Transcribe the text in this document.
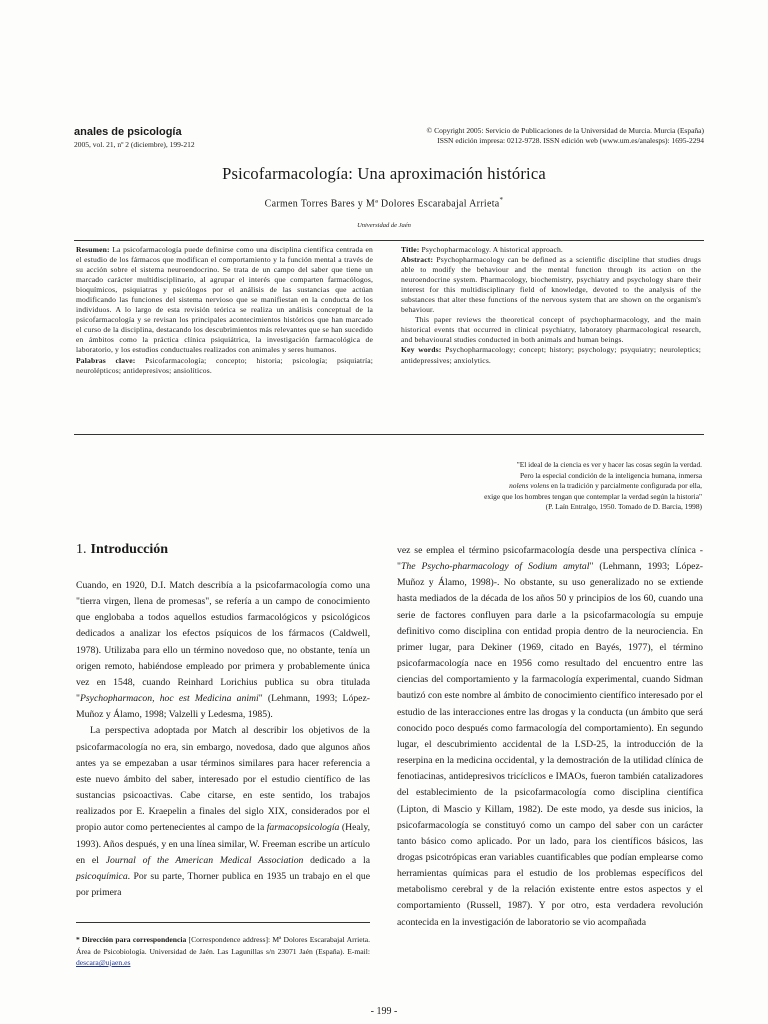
anales de psicología
2005, vol. 21, nº 2 (diciembre), 199-212
© Copyright 2005: Servicio de Publicaciones de la Universidad de Murcia. Murcia (España)
ISSN edición impresa: 0212-9728. ISSN edición web (www.um.es/analesps): 1695-2294
Psicofarmacología: Una aproximación histórica
Carmen Torres Bares y Mª Dolores Escarabajal Arrieta*
Universidad de Jaén
Resumen: La psicofarmacología puede definirse como una disciplina científica centrada en el estudio de los fármacos que modifican el comportamiento y la función mental a través de su acción sobre el sistema neuroendocrino. Se trata de un campo del saber que tiene un marcado carácter multidisciplinario, al agrupar el interés que comparten farmacólogos, bioquímicos, psiquiatras y psicólogos por el análisis de las sustancias que actúan modificando las funciones del sistema nervioso que se manifiestan en la conducta de los individuos. A lo largo de esta revisión teórica se realiza un análisis conceptual de la psicofarmacología y se revisan los principales acontecimientos históricos que han marcado el curso de la disciplina, destacando los descubrimientos más relevantes que se han sucedido en ámbitos como la práctica clínica psiquiátrica, la investigación farmacológica de laboratorio, y los estudios conductuales realizados con animales y seres humanos.
Palabras clave: Psicofarmacología; concepto; historia; psicología; psiquiatría; neurolépticos; antidepresivos; ansiolíticos.
Title: Psychopharmacology. A historical approach.
Abstract: Psychopharmacology can be defined as a scientific discipline that studies drugs able to modify the behaviour and the mental function through its action on the neuroendocrine system. Pharmacology, biochemistry, psychiatry and psychology share their interest for this multidisciplinary field of knowledge, devoted to the analysis of the substances that alter these functions of the nervous system that are shown on the organism's behaviour.
This paper reviews the theoretical concept of psychopharmacology, and the main historical events that occurred in clinical psychiatry, laboratory pharmacological research, and behavioural studies conducted in both animals and human beings.
Key words: Psychopharmacology; concept; history; psychology; psyquiatry; neuroleptics; antidepressives; anxiolytics.
"El ideal de la ciencia es ver y hacer las cosas según la verdad.
Pero la especial condición de la inteligencia humana, inmersa
nolens volens en la tradición y parcialmente configurada por ella,
exige que los hombres tengan que contemplar la verdad según la historia"
(P. Laín Entralgo, 1950. Tomado de D. Barcia, 1998)
1. Introducción

Cuando, en 1920, D.I. Match describía a la psicofarmacología como una "tierra virgen, llena de promesas", se refería a un campo de conocimiento que englobaba a todos aquellos estudios farmacológicos y psicológicos dedicados a analizar los efectos psíquicos de los fármacos (Caldwell, 1978). Utilizaba para ello un término novedoso que, no obstante, tenía un origen remoto, habiéndose empleado por primera y probablemente única vez en 1548, cuando Reinhard Lorichius publica su obra titulada "Psychopharmacon, hoc est Medicina animi" (Lehmann, 1993; López-Muñoz y Álamo, 1998; Valzelli y Ledesma, 1985).

La perspectiva adoptada por Match al describir los objetivos de la psicofarmacología no era, sin embargo, novedosa, dado que algunos años antes ya se empezaban a usar términos similares para hacer referencia a este nuevo ámbito del saber, interesado por el estudio científico de las sustancias psicoactivas. Cabe citarse, en este sentido, los trabajos realizados por E. Kraepelin a finales del siglo XIX, considerados por el propio autor como pertenecientes al campo de la farmacopsicología (Healy, 1993). Años después, y en una línea similar, W. Freeman escribe un artículo en el Journal of the American Medical Association dedicado a la psicoquímica. Por su parte, Thorner publica en 1935 un trabajo en el que por primera

vez se emplea el término psicofarmacología desde una perspectiva clínica -"The Psycho-pharmacology of Sodium amytal" (Lehmann, 1993; López-Muñoz y Álamo, 1998)-. No obstante, su uso generalizado no se extiende hasta mediados de la década de los años 50 y principios de los 60, cuando una serie de factores confluyen para darle a la psicofarmacología su empuje definitivo como disciplina con entidad propia dentro de la neurociencia. En primer lugar, para Dekiner (1969, citado en Bayés, 1977), el término psicofarmacología nace en 1956 como resultado del encuentro entre las ciencias del comportamiento y la farmacología experimental, cuando Sidman bautizó con este nombre al ámbito de conocimiento científico interesado por el estudio de las interacciones entre las drogas y la conducta (un ámbito que será conocido poco después como farmacología del comportamiento). En segundo lugar, el descubrimiento accidental de la LSD-25, la introducción de la reserpina en la medicina occidental, y la demostración de la utilidad clínica de fenotiacinas, antidepresivos tricíclicos e IMAOs, fueron también catalizadores del establecimiento de la psicofarmacología como disciplina científica (Lipton, di Mascio y Killam, 1982). De este modo, ya desde sus inicios, la psicofarmacología se constituyó como un campo del saber con un carácter tanto básico como aplicado. Por un lado, para los científicos básicos, las drogas psicotrópicas eran variables cuantificables que podían emplearse como herramientas químicas para el estudio de los problemas específicos del metabolismo cerebral y de la relación existente entre estos aspectos y el comportamiento (Russell, 1987). Y por otro, esta verdadera revolución acontecida en la investigación de laboratorio se vio acompañada

* Dirección para correspondencia [Correspondence address]: Mª Dolores Escarabajal Arrieta. Área de Psicobiología. Universidad de Jaén. Las Lagunillas s/n 23071 Jaén (España). E-mail: descara@ujaen.es
- 199 -
